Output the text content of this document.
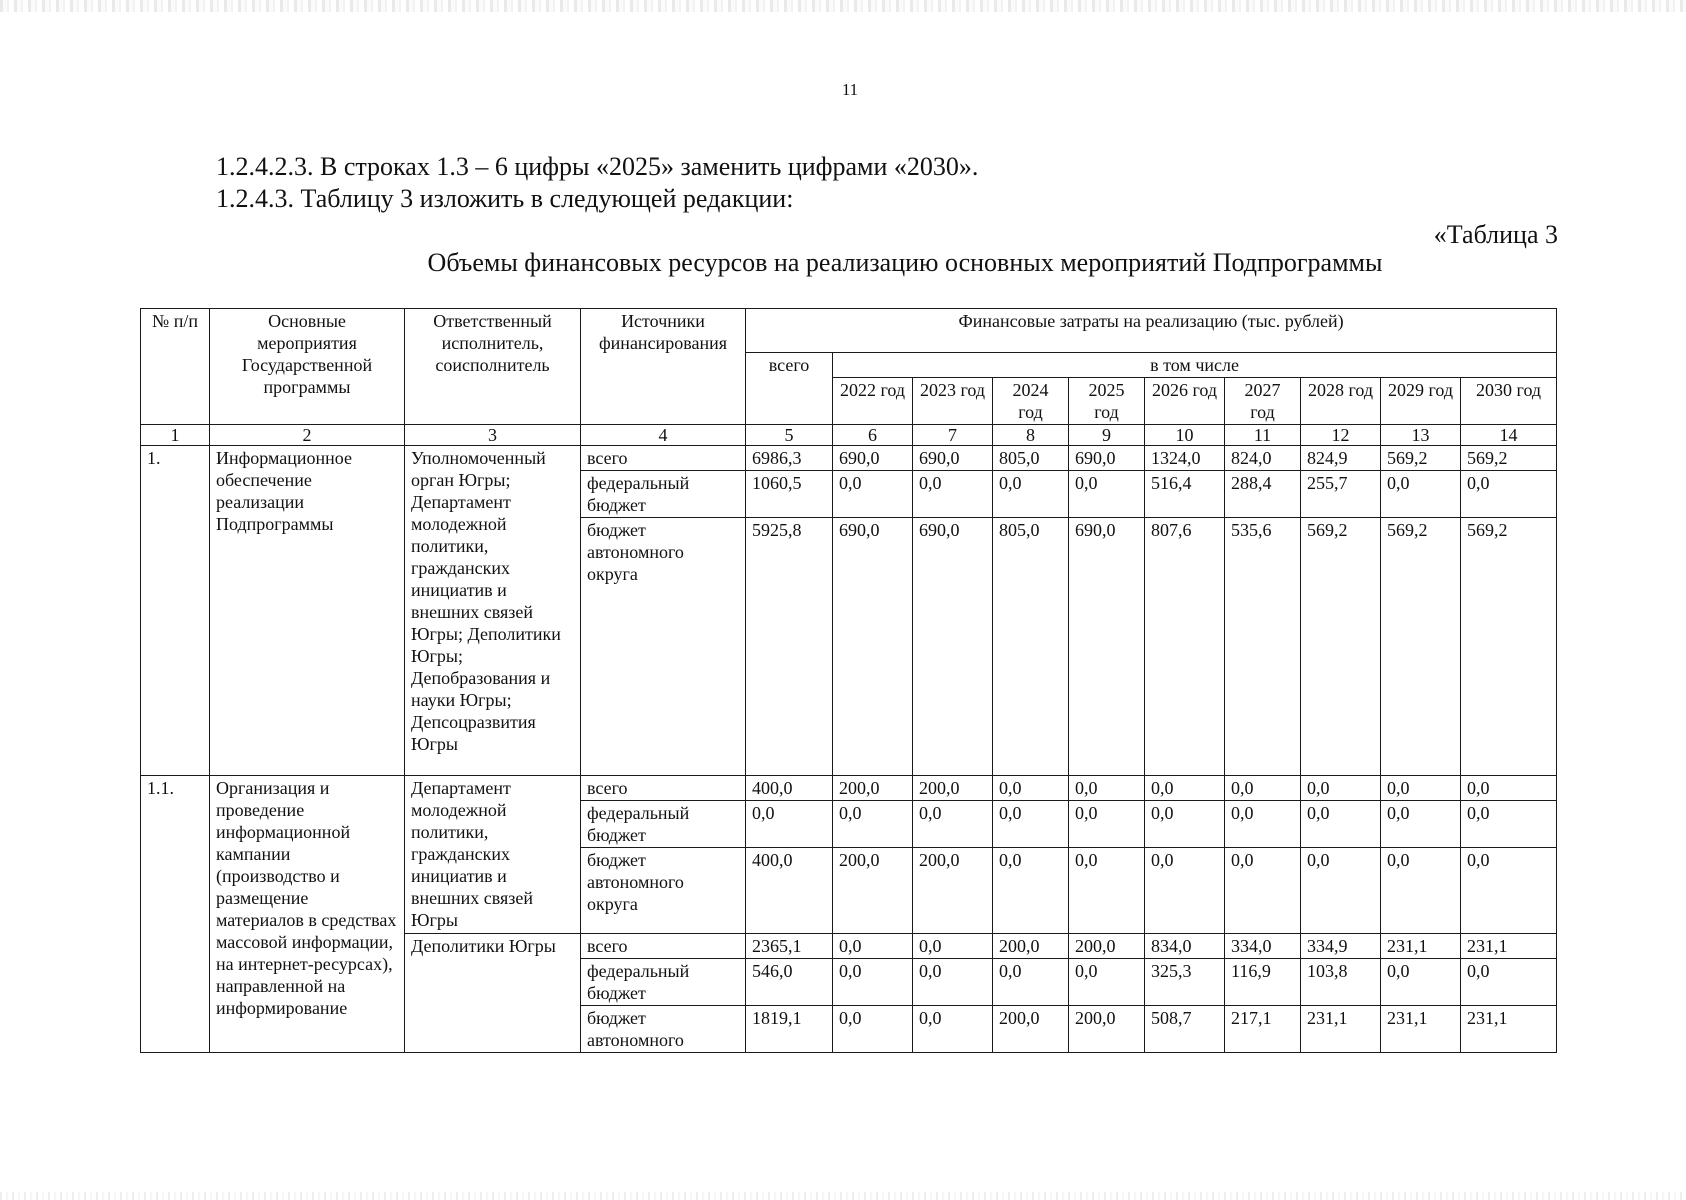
11
1.2.4.2.3. В строках 1.3 – 6 цифры «2025» заменить цифрами «2030».
1.2.4.3. Таблицу 3 изложить в следующей редакции:
«Таблица 3
Объемы финансовых ресурсов на реализацию основных мероприятий Подпрограммы
№ п/п	Основные мероприятия Государственной программы	Ответственный исполнитель, соисполнитель	Источники финансирования	Финансовые затраты на реализацию (тыс. рублей)									
				всего	в том числе								
					2022 год	2023 год	2024 год	2025 год	2026 год	2027 год	2028 год	2029 год	2030 год
1	2	3	4	5	6	7	8	9	10	11	12	13	14
1.	Информационное обеспечение реализации Подпрограммы	Уполномоченный орган Югры; Департамент молодежной политики, гражданских инициатив и внешних связей Югры; Деполитики Югры; Депобразования и науки Югры; Депсоцразвития Югры	всего	6986,3	690,0	690,0	805,0	690,0	1324,0	824,0	824,9	569,2	569,2
			федеральный бюджет	1060,5	0,0	0,0	0,0	0,0	516,4	288,4	255,7	0,0	0,0
			бюджет автономного округа	5925,8	690,0	690,0	805,0	690,0	807,6	535,6	569,2	569,2	569,2
1.1.	Организация и проведение информационной кампании (производство и размещение материалов в средствах массовой информации, на интернет-ресурсах), направленной на информирование	Департамент молодежной политики, гражданских инициатив и внешних связей Югры	всего	400,0	200,0	200,0	0,0	0,0	0,0	0,0	0,0	0,0	0,0
			федеральный бюджет	0,0	0,0	0,0	0,0	0,0	0,0	0,0	0,0	0,0	0,0
			бюджет автономного округа	400,0	200,0	200,0	0,0	0,0	0,0	0,0	0,0	0,0	0,0
		Деполитики Югры	всего	2365,1	0,0	0,0	200,0	200,0	834,0	334,0	334,9	231,1	231,1
			федеральный бюджет	546,0	0,0	0,0	0,0	0,0	325,3	116,9	103,8	0,0	0,0
			бюджет автономного	1819,1	0,0	0,0	200,0	200,0	508,7	217,1	231,1	231,1	231,1
